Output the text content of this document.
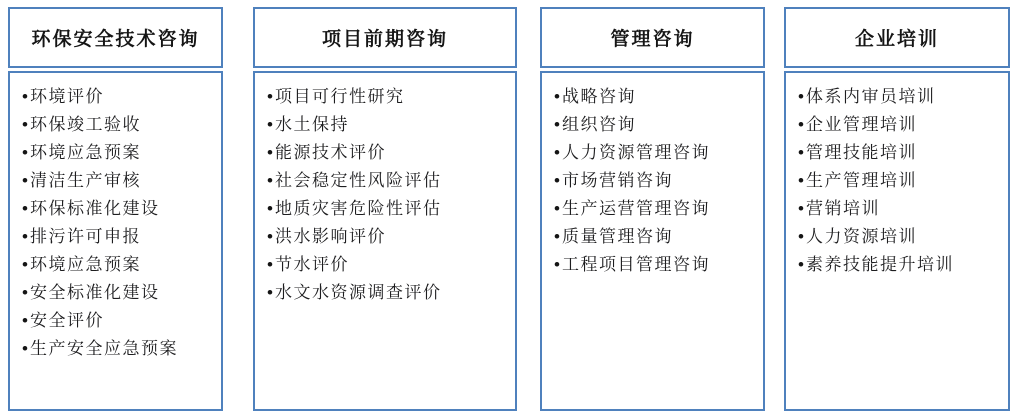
环保安全技术咨询
• 环境评价
• 环保竣工验收
• 环境应急预案
• 清洁生产审核
• 环保标准化建设
• 排污许可申报
• 环境应急预案
• 安全标准化建设
• 安全评价
• 生产安全应急预案
项目前期咨询
• 项目可行性研究
• 水土保持
• 能源技术评价
• 社会稳定性风险评估
• 地质灾害危险性评估
• 洪水影响评价
• 节水评价
• 水文水资源调查评价
管理咨询
• 战略咨询
• 组织咨询
• 人力资源管理咨询
• 市场营销咨询
• 生产运营管理咨询
• 质量管理咨询
• 工程项目管理咨询
企业培训
• 体系内审员培训
• 企业管理培训
• 管理技能培训
• 生产管理培训
• 营销培训
• 人力资源培训
• 素养技能提升培训
